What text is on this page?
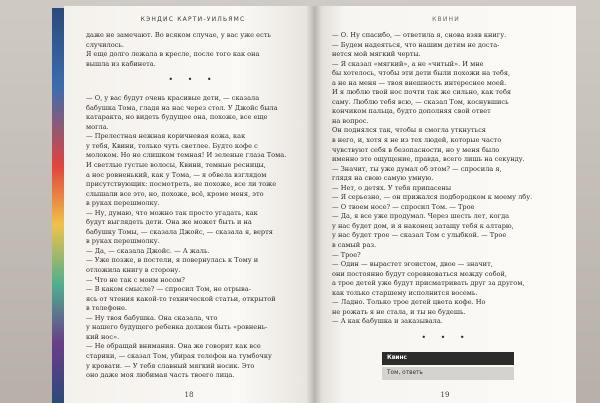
КЭНДИС КАРТИ-УИЛЬЯМС

даже не замечают. Во всяком случае, у вас уже есть

случилось.

Я еще долго лежала в кресле, после того как она

вышла из кабинета.

• • •

— О, у вас будут очень красивые дети, — сказала

бабушка Тома, гладя на нас через стол. У Джойс была

катаракта, но видеть будущее она, похоже, все еще

могла.

— Прелестная нежная коричневая кожа, как

у тебя, Квини, только чуть светлее. Будто кофе с

молоком. Но не слишком темная! И зеленые глаза Тома.

И светлые густые волосы, Квини, темные ресницы,

а нос ровненький, как у Тома, — я обвела взглядом

присутствующих: посмотреть, не похоже, все ли тоже

слышали все это, но, похоже, всё, кроме меня, это

в руках перешмолку.

— Ну, думаю, что можно так просто угадать, как

будут выглядеть дети. Она же может быть и на

бабушку Томы, — сказала Джойс, — сказала я, вертя

в руках перешмолку.

— Да, — сказала Джойс. — А жаль.

— Уже позже, в постели, я повернулась к Тому и

отложила книгу в сторону.

— Что не так с моим носом?

— В каком смысле? — спросил Том, не отрыва-

ясь от чтения какой-то технической статьи, открытой

в телефоне.

— Ну твоя бабушка. Она сказала, что

у нашего будущего ребенка должен быть «ровнень-

кий нос».

— Не обращай внимания. Она же говорит как все

старики, — сказал Том, убирая телефон на тумбочку

у кровати. — У тебя славный мягкий носик. Это

оно даже моя любимая часть твоего лица.

18
КВИНИ

— О. Ну спасибо, — ответила я, снова взяв книгу.

— Будем надеяться, что нашим детям не доста-

нется мой мягкий черты.

— Я сказал «мягкий», а не «читый». И мне

бы хотелось, чтобы эти дети были похожи на тебя,

а не на меня — твоя внешность интереснее моей.

И я люблю твой нос почти так же сильно, как тебя

саму. Люблю тебя всю, — сказал Том, коснувшись

кончиком пальца, будто дополняя свой ответ

на вопрос.

Он поднялся так, чтобы я смогла уткнуться

в него, и, хотя я не из тех людей, которые часто

чувствуют себя в безопасности, но у меня было

именно это ощущение, правда, всего лишь на секунду.

— Значит, ты уже думал об этом? — спросила я,

глядя на свою самую умную.

— Нет, о детях. У тебя припасены

— Я серьезно, — он прижался подбородком к моему лбу.

— О твоем носе? — спросил Том. — Трое

— Да, я все уже продумал. Через шесть лет, когда

у нас будет дом, и я наконец затащу тебя к алтарю,

у нас будет трое — сказал Том с улыбкой. — Трое

в самый раз.

— Трое?

— Один — вырастет эгоистом, двое — значит,

они постоянно будут соревноваться между собой,

а трое детей уже будут присматривать друг за другом,

как только старшему исполнится восемь.

— Ладно. Только трое детей цвета кофе. Но

не рожать я не стала, и ты не будешь.

— А как бабушка и заказывала.

• • •
Квинс
Том, ответь
19
